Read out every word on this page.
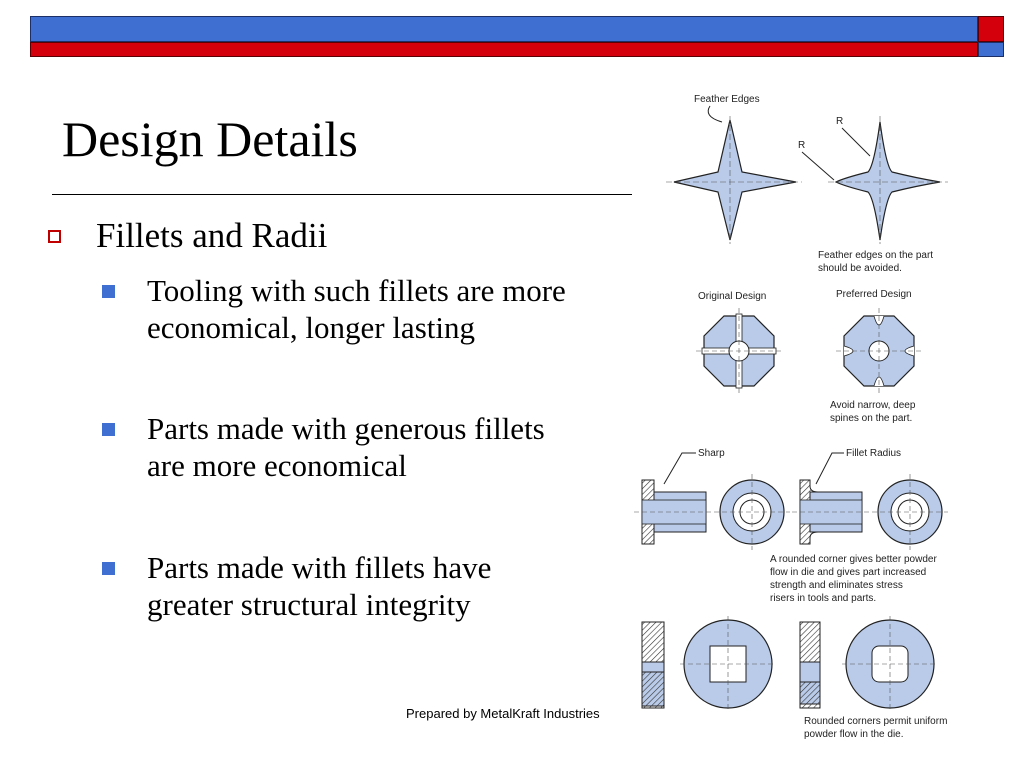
Design Details
Fillets and Radii
Tooling with such fillets are more economical, longer lasting
Parts made with generous fillets are more economical
Parts made with fillets have greater structural integrity
Prepared by MetalKraft Industries
Feather Edges
R
R
Feather edges on the part
should be avoided.
Original Design	Preferred Design
Avoid narrow, deep
spines on the part.
Sharp	Fillet Radius
A rounded corner gives better powder
flow in die and gives part increased
strength and eliminates stress
risers in tools and parts.
Rounded corners permit uniform
powder flow in the die.
